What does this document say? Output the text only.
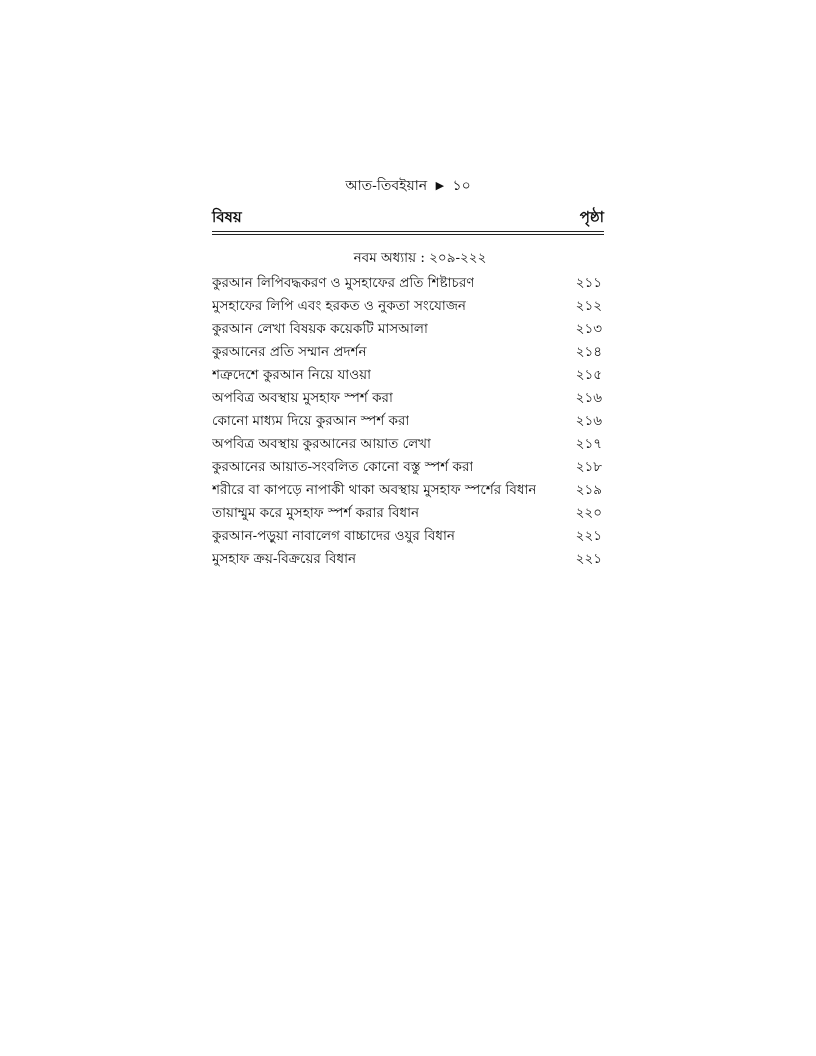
আত-তিবইয়ান ▶ ১০
বিষয়	পৃষ্ঠা
নবম অধ্যায় : ২০৯-২২২
কুরআন লিপিবদ্ধকরণ ও মুসহাফের প্রতি শিষ্টাচরণ	২১১
মুসহাফের লিপি এবং হরকত ও নুকতা সংযোজন	২১২
কুরআন লেখা বিষয়ক কয়েকটি মাসআলা	২১৩
কুরআনের প্রতি সম্মান প্রদর্শন	২১৪
শত্রুদেশে কুরআন নিয়ে যাওয়া	২১৫
অপবিত্র অবস্থায় মুসহাফ স্পর্শ করা	২১৬
কোনো মাধ্যম দিয়ে কুরআন স্পর্শ করা	২১৬
অপবিত্র অবস্থায় কুরআনের আয়াত লেখা	২১৭
কুরআনের আয়াত-সংবলিত কোনো বস্তু স্পর্শ করা	২১৮
শরীরে বা কাপড়ে নাপাকী থাকা অবস্থায় মুসহাফ স্পর্শের বিধান	২১৯
তায়াম্মুম করে মুসহাফ স্পর্শ করার বিধান	২২০
কুরআন-পড়ুয়া নাবালেগ বাচ্চাদের ওযুর বিধান	২২১
মুসহাফ ক্রয়-বিক্রয়ের বিধান	২২১
